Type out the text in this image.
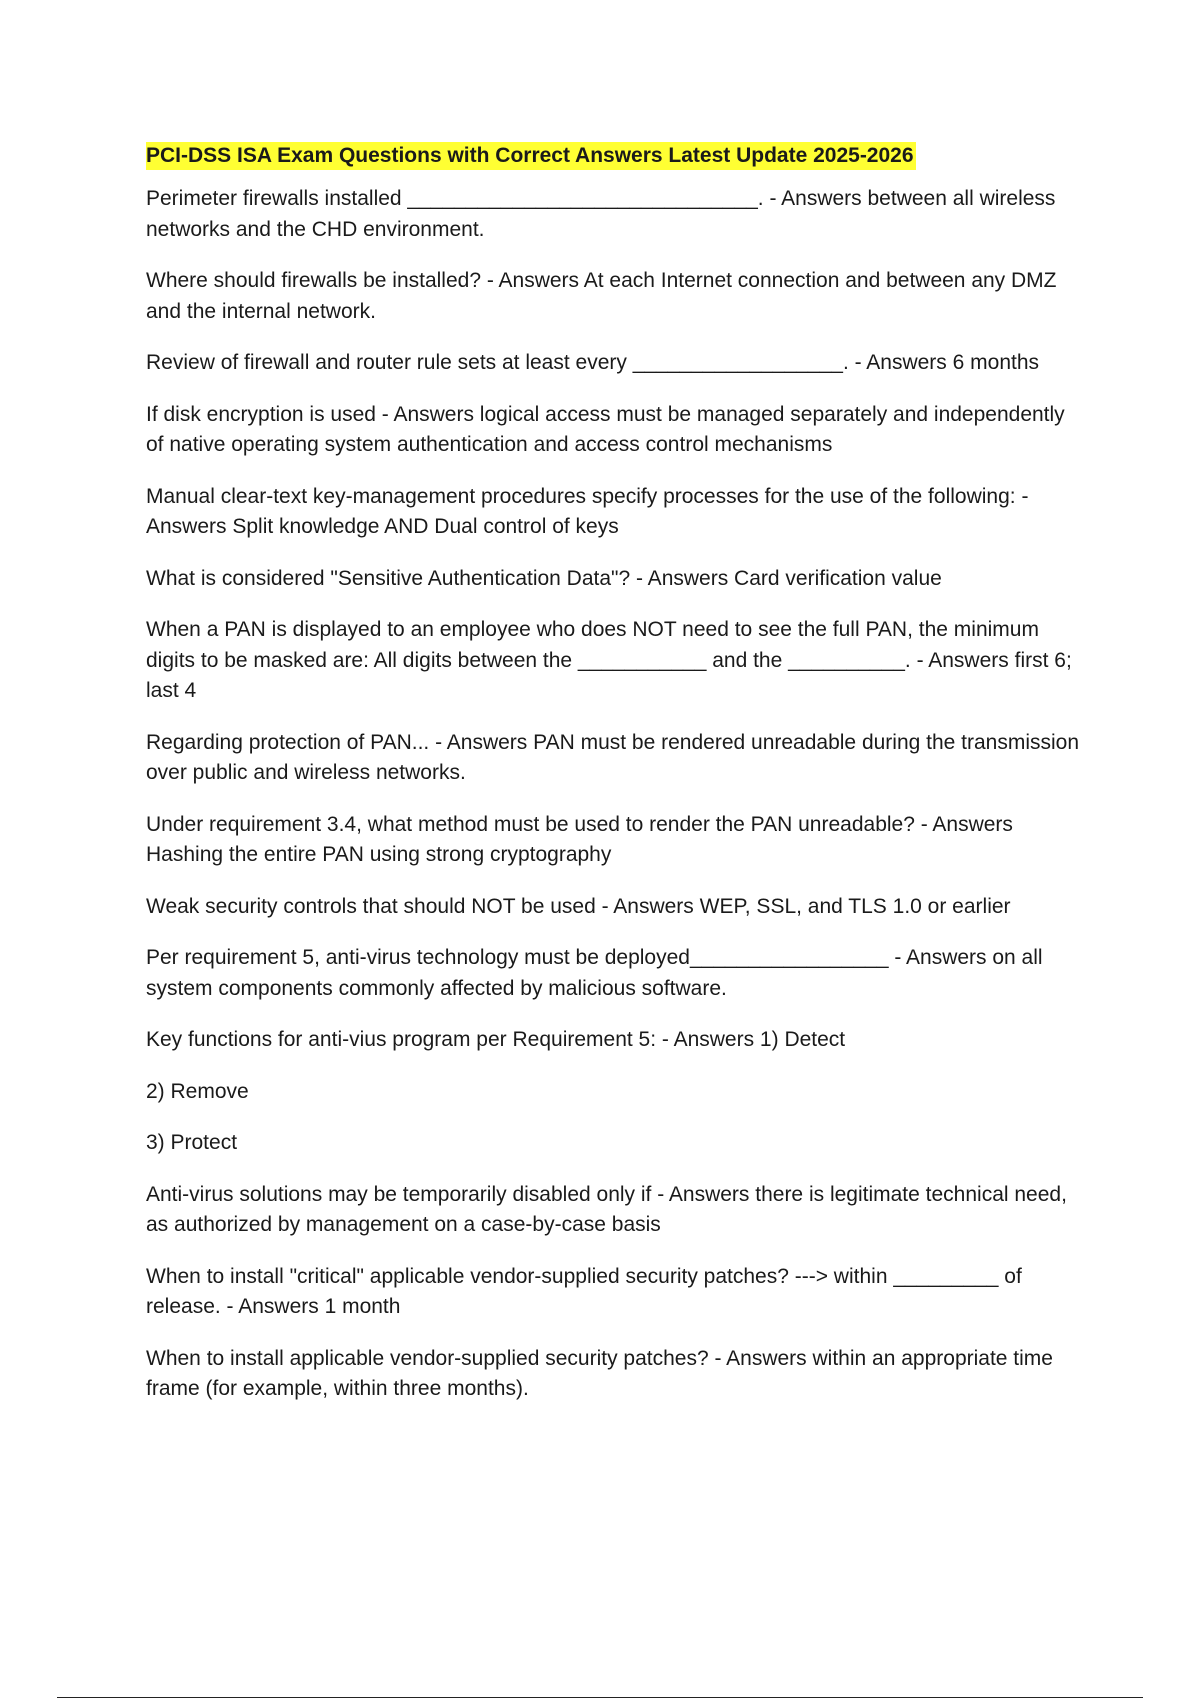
PCI-DSS ISA Exam Questions with Correct Answers Latest Update 2025-2026

Perimeter firewalls installed ______________________________. - Answers between all wireless networks and the CHD environment.

Where should firewalls be installed? - Answers At each Internet connection and between any DMZ and the internal network.

Review of firewall and router rule sets at least every __________________. - Answers 6 months

If disk encryption is used - Answers logical access must be managed separately and independently of native operating system authentication and access control mechanisms

Manual clear-text key-management procedures specify processes for the use of the following: - Answers Split knowledge AND Dual control of keys

What is considered "Sensitive Authentication Data"? - Answers Card verification value

When a PAN is displayed to an employee who does NOT need to see the full PAN, the minimum digits to be masked are: All digits between the ___________ and the __________. - Answers first 6; last 4

Regarding protection of PAN... - Answers PAN must be rendered unreadable during the transmission over public and wireless networks.

Under requirement 3.4, what method must be used to render the PAN unreadable? - Answers Hashing the entire PAN using strong cryptography

Weak security controls that should NOT be used - Answers WEP, SSL, and TLS 1.0 or earlier

Per requirement 5, anti-virus technology must be deployed_________________ - Answers on all system components commonly affected by malicious software.

Key functions for anti-vius program per Requirement 5: - Answers 1) Detect

2) Remove

3) Protect

Anti-virus solutions may be temporarily disabled only if - Answers there is legitimate technical need, as authorized by management on a case-by-case basis

When to install "critical" applicable vendor-supplied security patches? ---> within _________ of release. - Answers 1 month

When to install applicable vendor-supplied security patches? - Answers within an appropriate time frame (for example, within three months).
